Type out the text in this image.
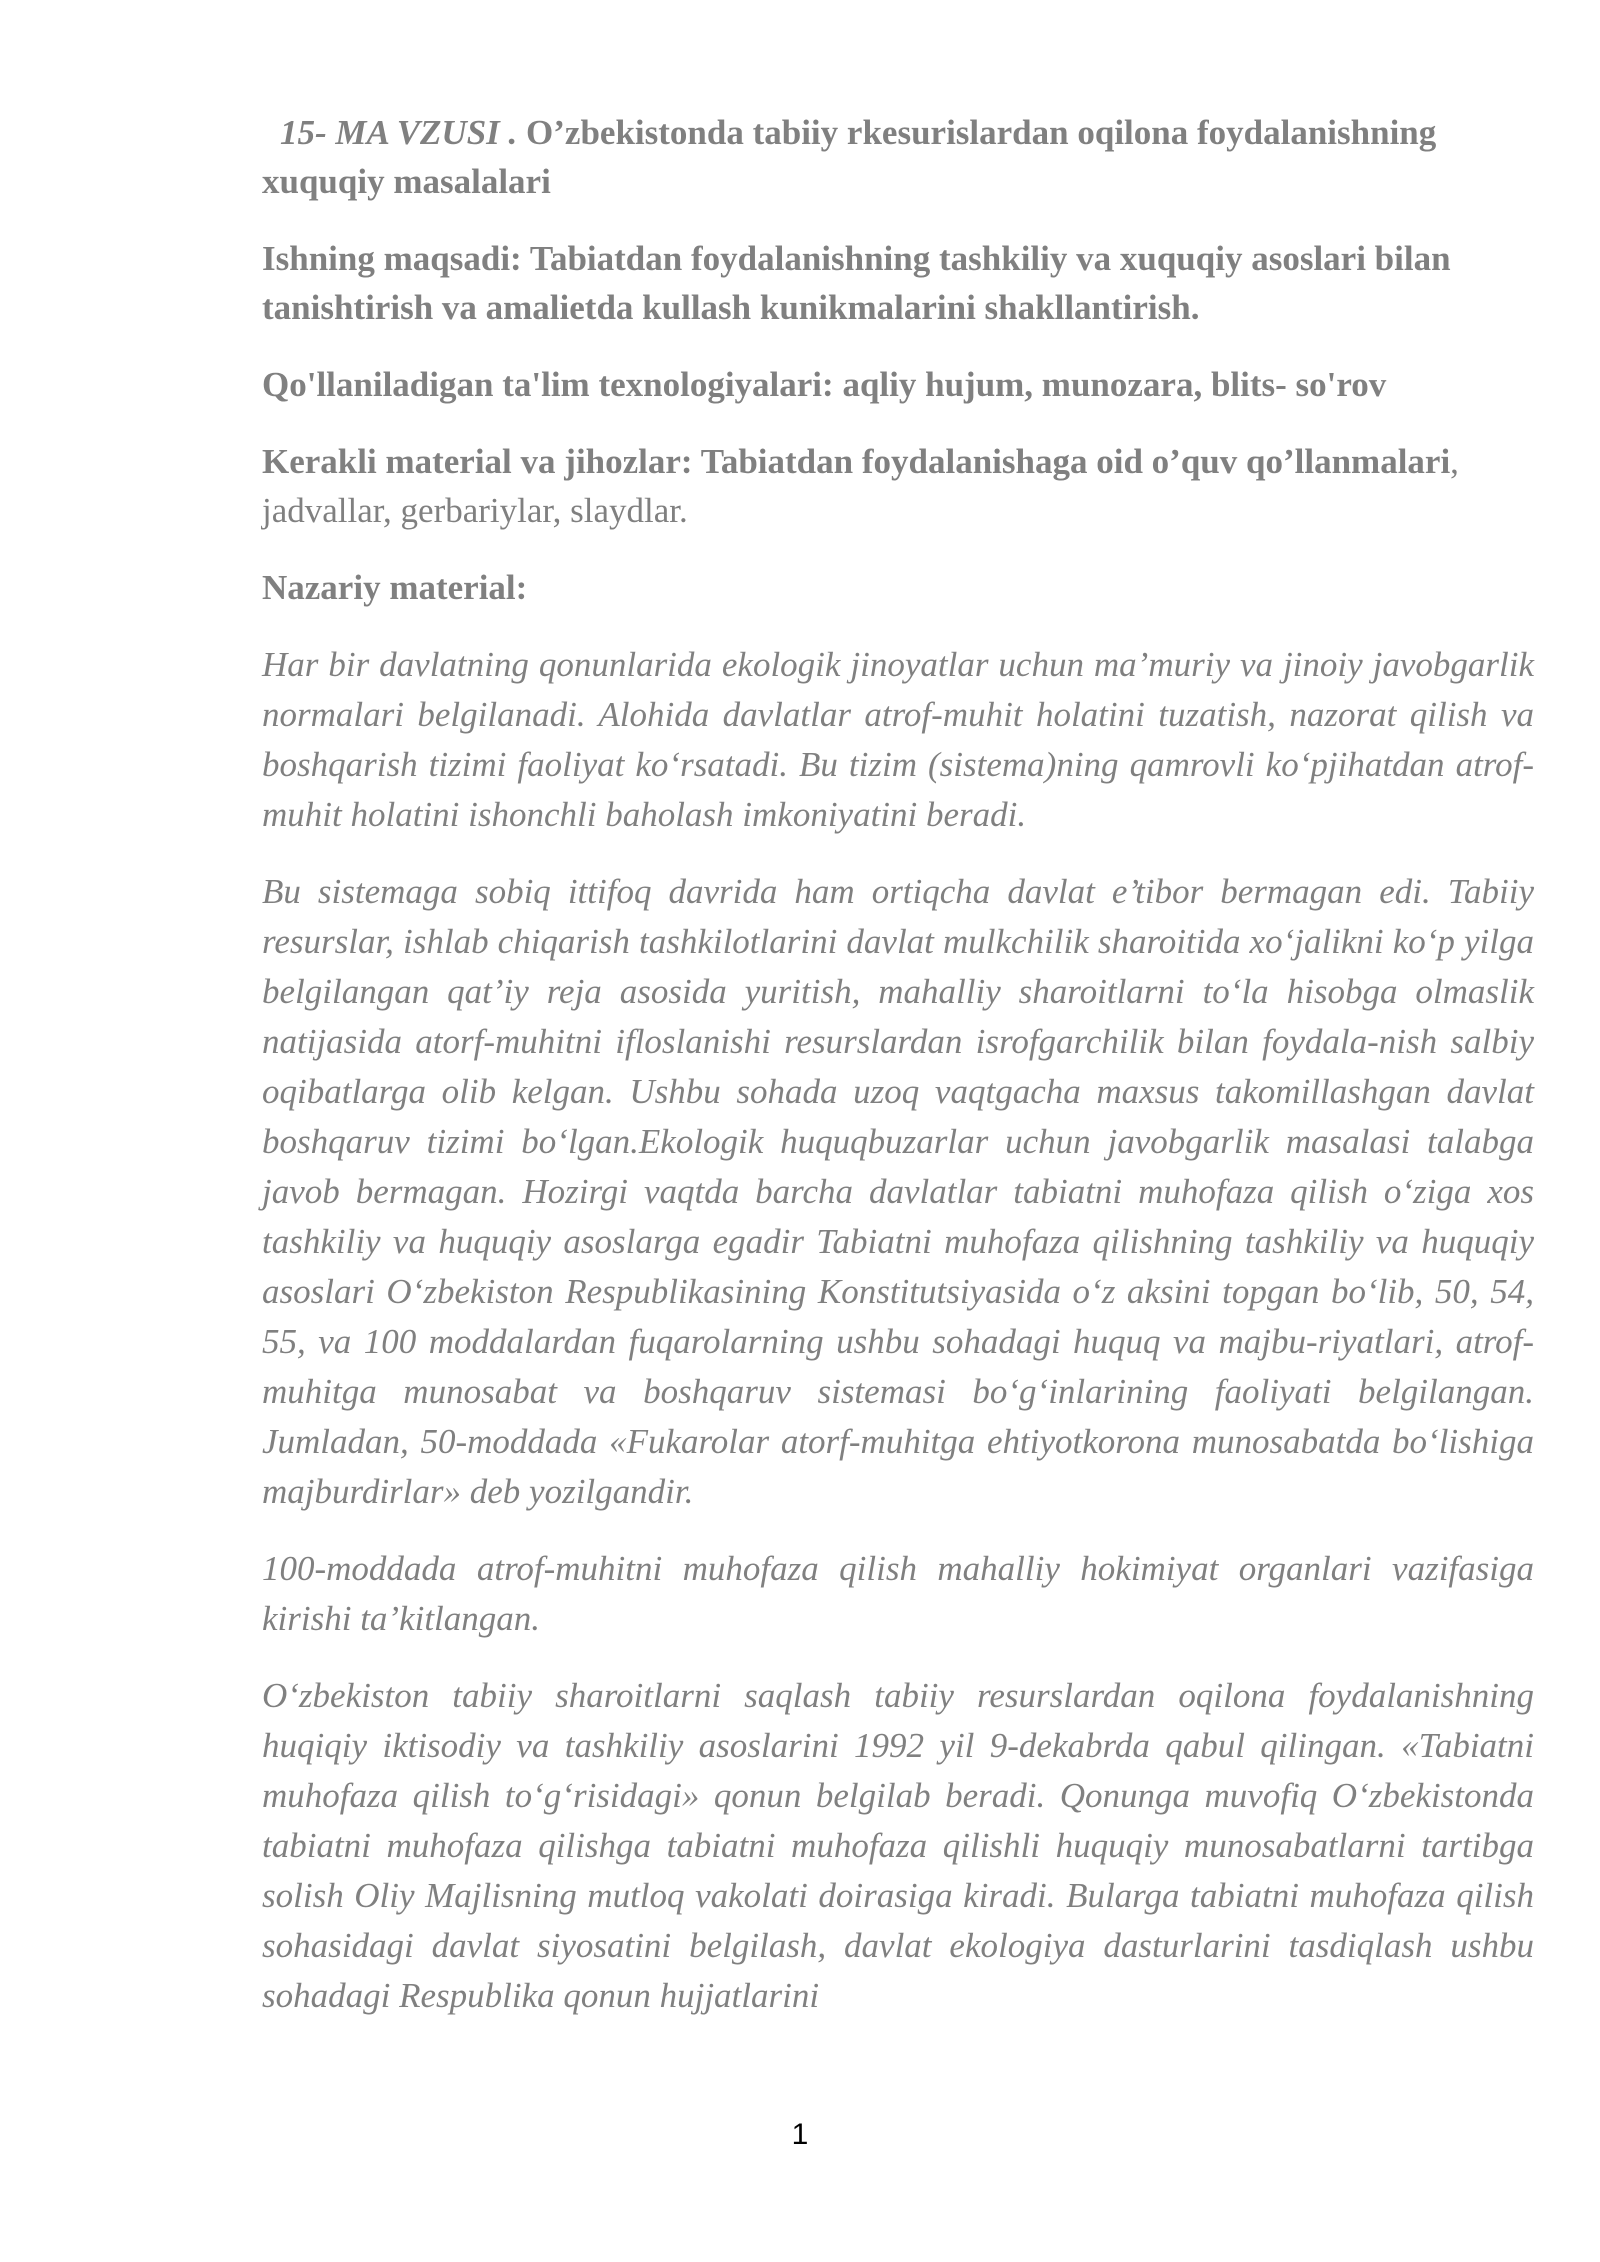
15- MA VZUSI . O’zbekistonda tabiiy rkesurislardan oqilona foydalanishning xuquqiy masalalari

Ishning maqsadi: Tabiatdan foydalanishning tashkiliy va xuquqiy asoslari bilan tanishtirish va amalietda kullash kunikmalarini shakllantirish.

Qo'llaniladigan ta'lim texnologiyalari: aqliy hujum, munozara, blits- so'rov

Kerakli material va jihozlar: Tabiatdan foydalanishaga oid o’quv qo’llanmalari, jadvallar, gerbariylar, slaydlar.

Nazariy material:

Har bir davlatning qonunlarida ekologik jinoyatlar uchun ma’muriy va jinoiy javobgarlik normalari belgilanadi. Alohida davlatlar atrof-muhit holatini tuzatish, nazorat qilish va boshqarish tizimi faoliyat ko‘rsatadi. Bu tizim (sistema)ning qamrovli ko‘pjihatdan atrof-muhit holatini ishonchli baholash imkoniyatini beradi.

Bu sistemaga sobiq ittifoq davrida ham ortiqcha davlat e’tibor bermagan edi. Tabiiy resurslar, ishlab chiqarish tashkilotlarini davlat mulkchilik sharoitida xo‘jalikni ko‘p yilga belgilangan qat’iy reja asosida yuritish, mahalliy sharoitlarni to‘la hisobga olmaslik natijasida atorf-muhitni ifloslanishi resurslardan isrofgarchilik bilan foydala-nish salbiy oqibatlarga olib kelgan. Ushbu sohada uzoq vaqtgacha maxsus takomillashgan davlat boshqaruv tizimi bo‘lgan.Ekologik huquqbuzarlar uchun javobgarlik masalasi talabga javob bermagan. Hozirgi vaqtda barcha davlatlar tabiatni muhofaza qilish o‘ziga xos tashkiliy va huquqiy asoslarga egadir Tabiatni muhofaza qilishning tashkiliy va huquqiy asoslari O‘zbekiston Respublikasining Konstitutsiyasida o‘z aksini topgan bo‘lib, 50, 54, 55, va 100 moddalardan fuqarolarning ushbu sohadagi huquq va majbu-riyatlari, atrof- muhitga munosabat va boshqaruv sistemasi bo‘g‘inlarining faoliyati belgilangan. Jumladan, 50-moddada «Fukarolar atorf-muhitga ehtiyotkorona munosabatda bo‘lishiga majburdirlar» deb yozilgandir.

100-moddada atrof-muhitni muhofaza qilish mahalliy hokimiyat organlari vazifasiga kirishi ta’kitlangan.

O‘zbekiston tabiiy sharoitlarni saqlash tabiiy resurslardan oqilona foydalanishning huqiqiy iktisodiy va tashkiliy asoslarini 1992 yil 9-dekabrda qabul qilingan. «Tabiatni muhofaza qilish to‘g‘risidagi» qonun belgilab beradi. Qonunga muvofiq O‘zbekistonda tabiatni muhofaza qilishga tabiatni muhofaza qilishli huquqiy munosabatlarni tartibga solish Oliy Majlisning mutloq vakolati doirasiga kiradi. Bularga tabiatni muhofaza qilish sohasidagi davlat siyosatini belgilash, davlat ekologiya dasturlarini tasdiqlash ushbu sohadagi Respublika qonun hujjatlarini

1
